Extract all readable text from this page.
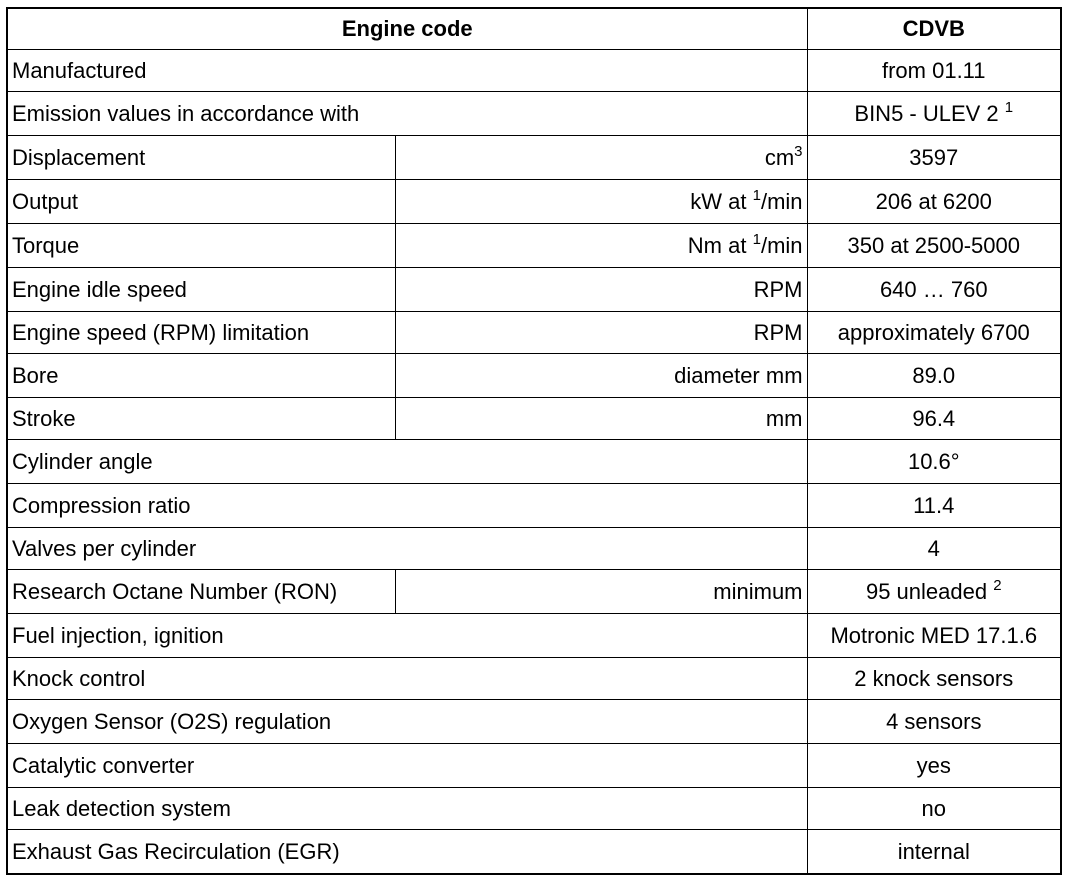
Engine code		CDVB
Manufactured		from 01.11
Emission values in accordance with		BIN5 - ULEV 2 $^1$
Displacement	$cm^3$	3597
Output	kW at $^1$/min	206 at 6200
Torque	Nm at $^1$/min	350 at 2500-5000
Engine idle speed	RPM	640 … 760
Engine speed (RPM) limitation	RPM	approximately 6700
Bore	diameter mm	89.0
Stroke	mm	96.4
Cylinder angle		10.6°
Compression ratio		11.4
Valves per cylinder		4
Research Octane Number (RON)	minimum	95 unleaded $^2$
Fuel injection, ignition		Motronic MED 17.1.6
Knock control		2 knock sensors
Oxygen Sensor (O2S) regulation		4 sensors
Catalytic converter		yes
Leak detection system		no
Exhaust Gas Recirculation (EGR)		internal
